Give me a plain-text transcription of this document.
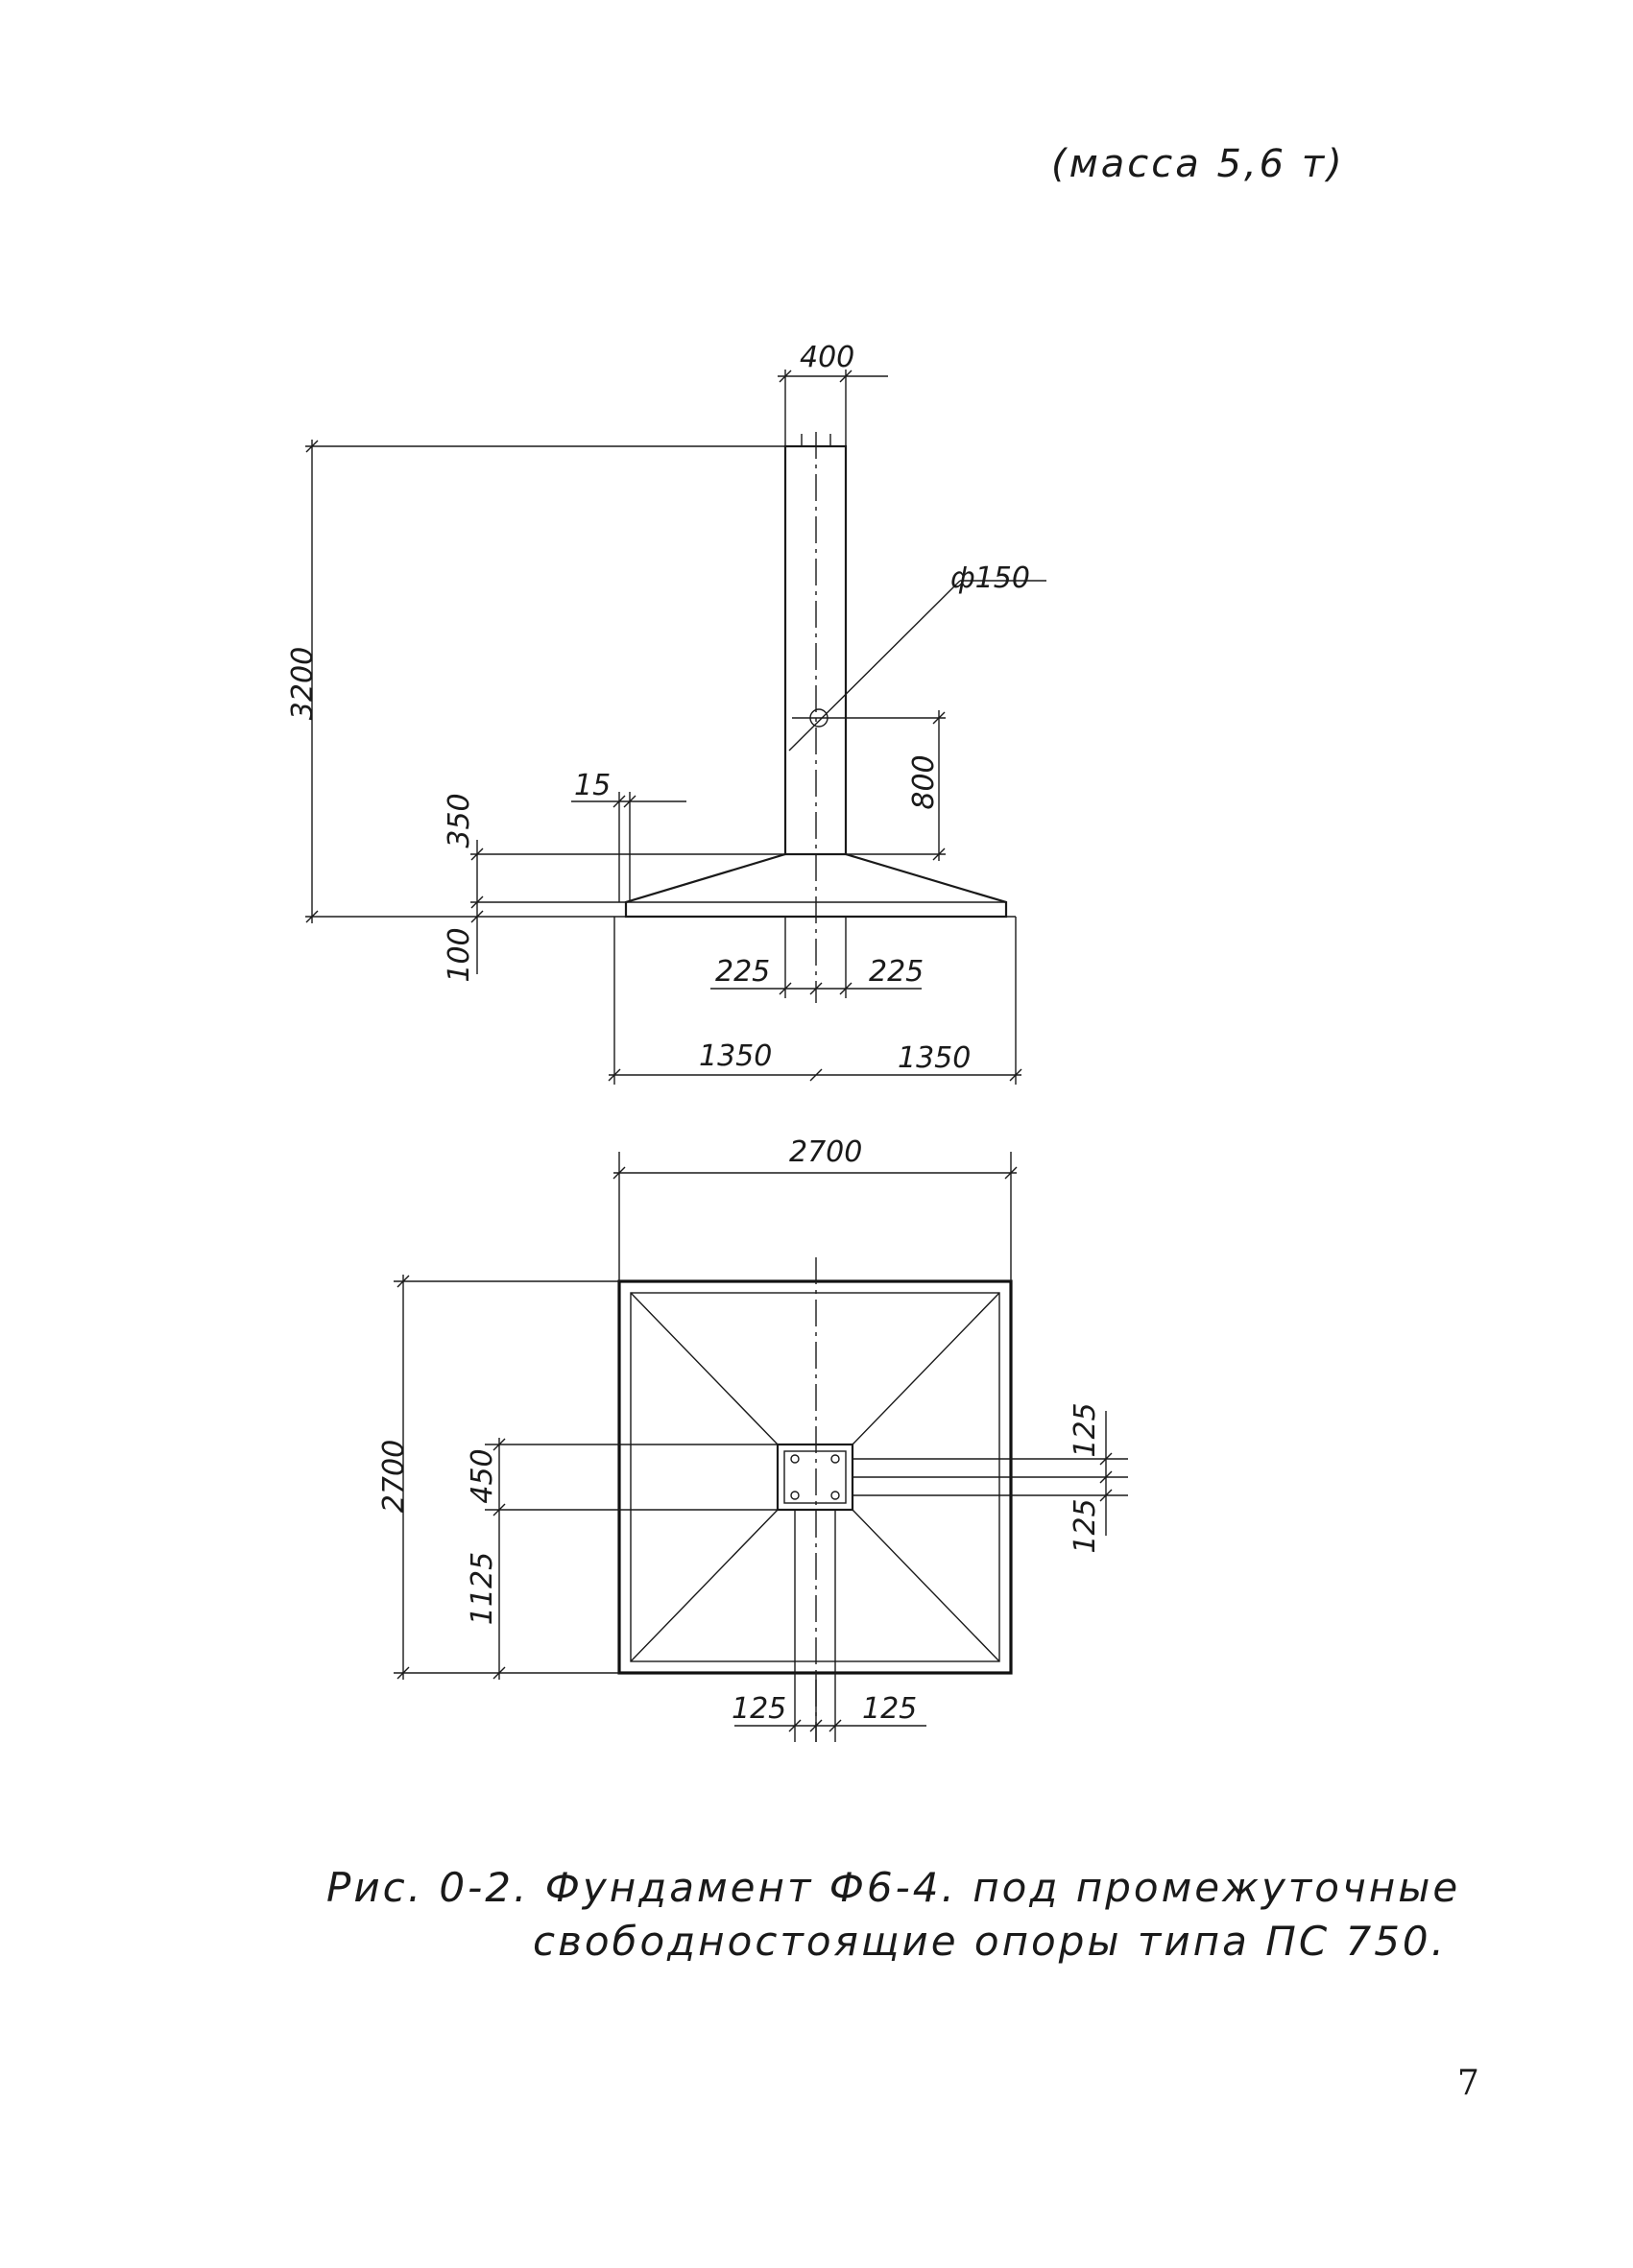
(масса 5,6 т)
400
ф150
3200
350
100
15	800
225	225
1350	1350
2700
2700 450
1125
125
125
125	125
Рис. 0-2. Фундамент Ф6-4. под промежуточные
свободностоящие опоры типа ПС 750.
7
